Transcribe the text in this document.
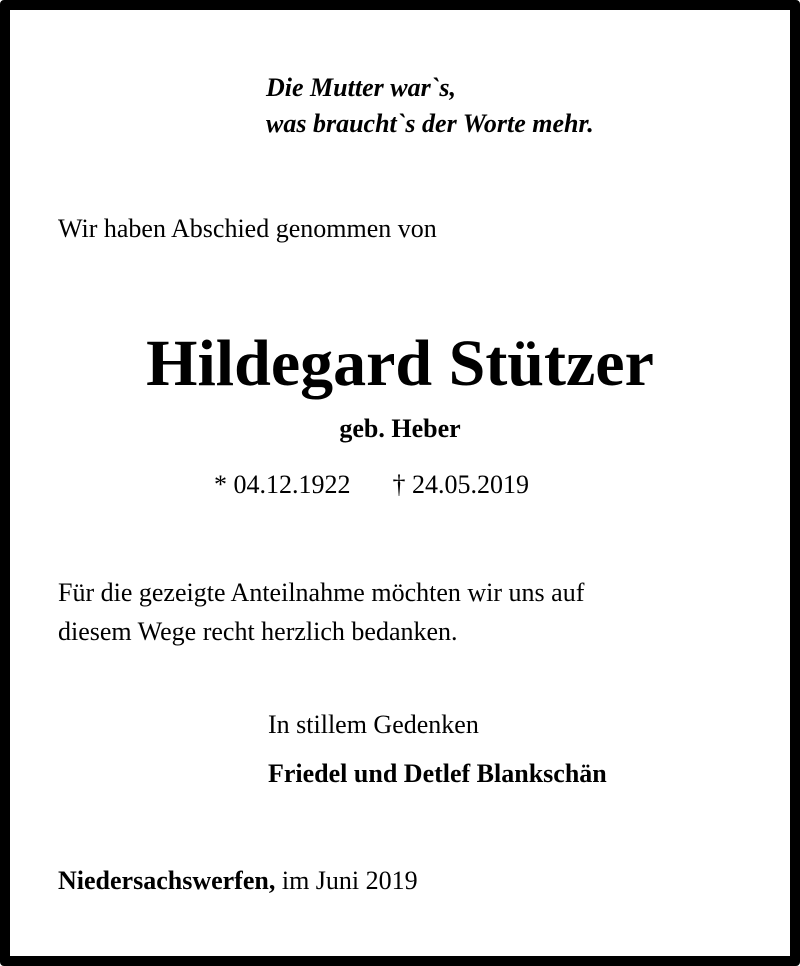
Die Mutter war`s,
was braucht`s der Worte mehr.
Wir haben Abschied genommen von
Hildegard Stützer
geb. Heber
* 04.12.1922 † 24.05.2019
Für die gezeigte Anteilnahme möchten wir uns auf
diesem Wege recht herzlich bedanken.
In stillem Gedenken
Friedel und Detlef Blankschän
Niedersachswerfen, im Juni 2019
